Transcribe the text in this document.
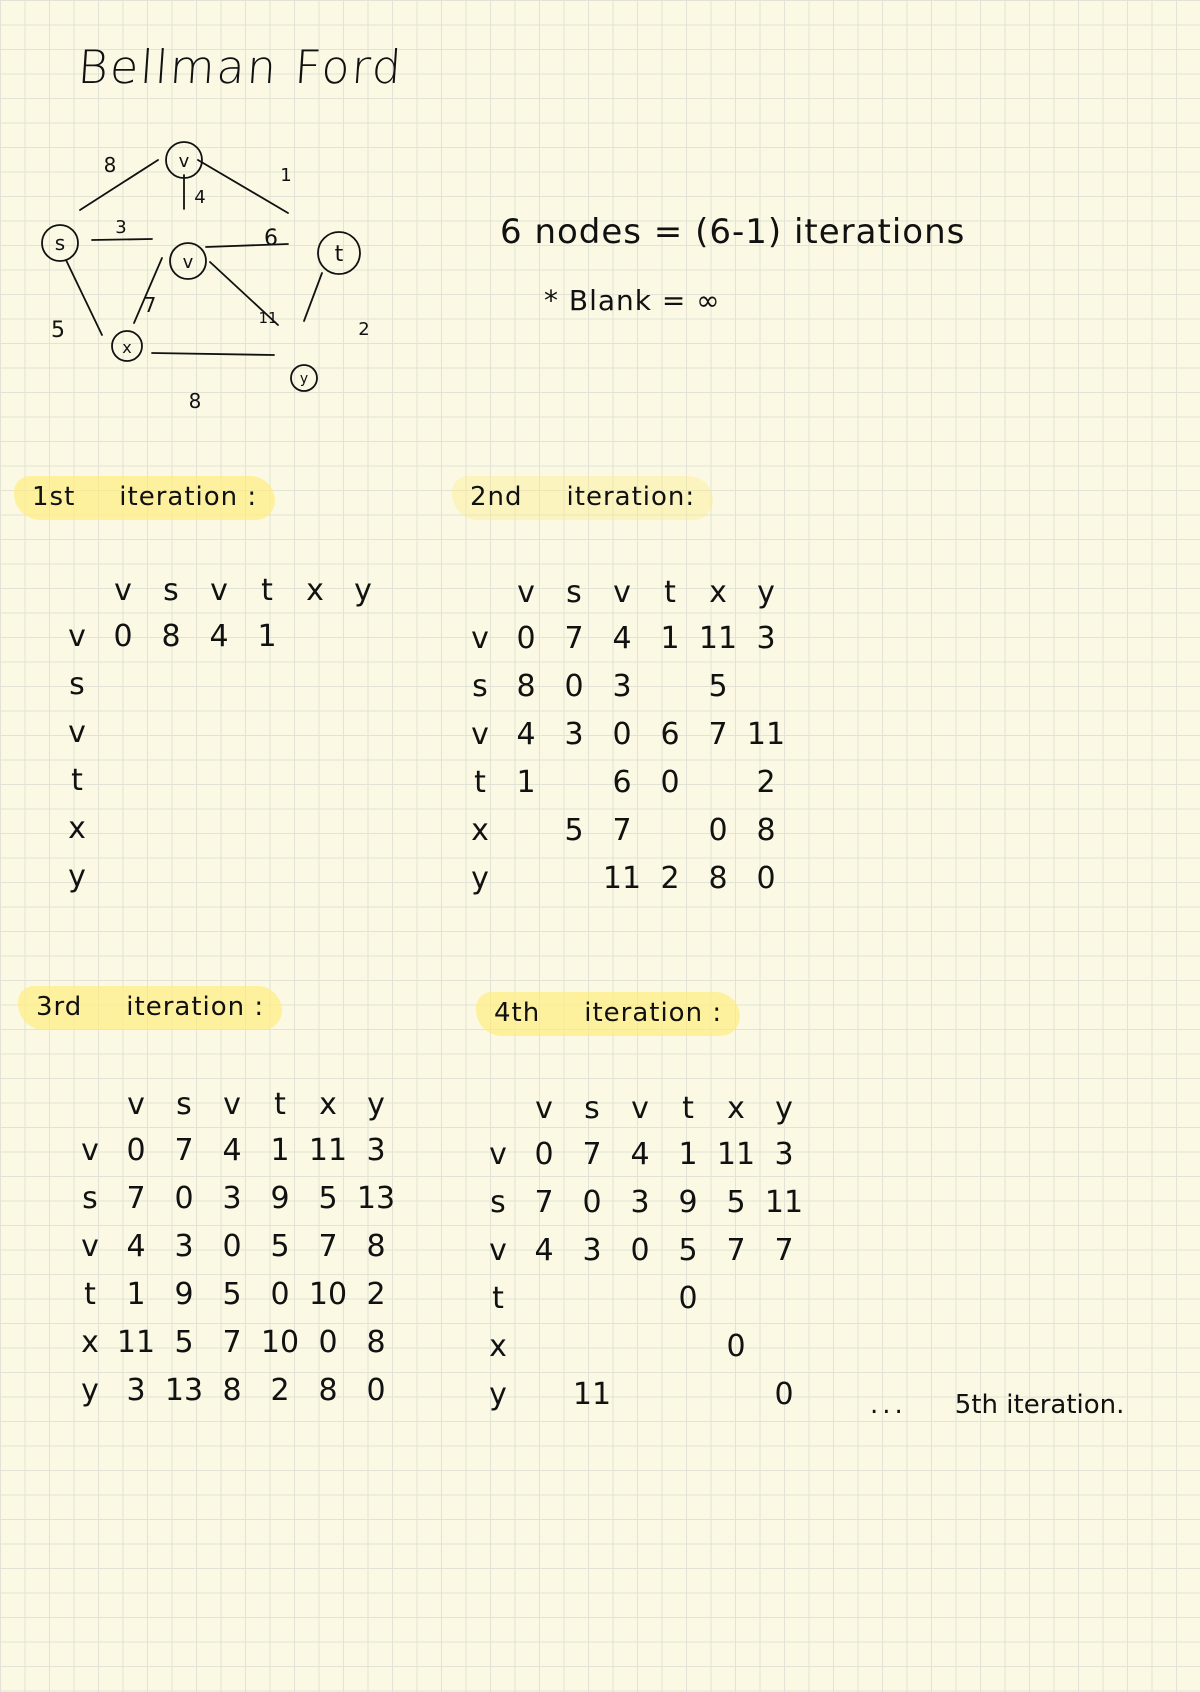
Bellman Ford
v
s
v	t
x
y
8	1
4
3	6
7
11
5	2
8
6 nodes = (6-1) iterations
* Blank = ∞
1st iteration :	2nd iteration:
3rd iteration :	4th iteration :
	v	s	v	t	x	y
v	0	8	4	1		
s						
v						
t						
x						
y						
	v	s	v	t	x	y
v	0	7	4	1	11	3
s	8	0	3		5	
v	4	3	0	6	7	11
t	1		6	0		2
x		5	7		0	8
y			11	2	8	0
	v	s	v	t	x	y
v	0	7	4	1	11	3
s	7	0	3	9	5	13
v	4	3	0	5	7	8
t	1	9	5	0	10	2
x	11	5	7	10	0	8
y	3	13	8	2	8	0
	v	s	v	t	x	y
v	0	7	4	1	11	3
s	7	0	3	9	5	11
v	4	3	0	5	7	7
t				0		
x					0	
y		11				0	... 5th iteration.
